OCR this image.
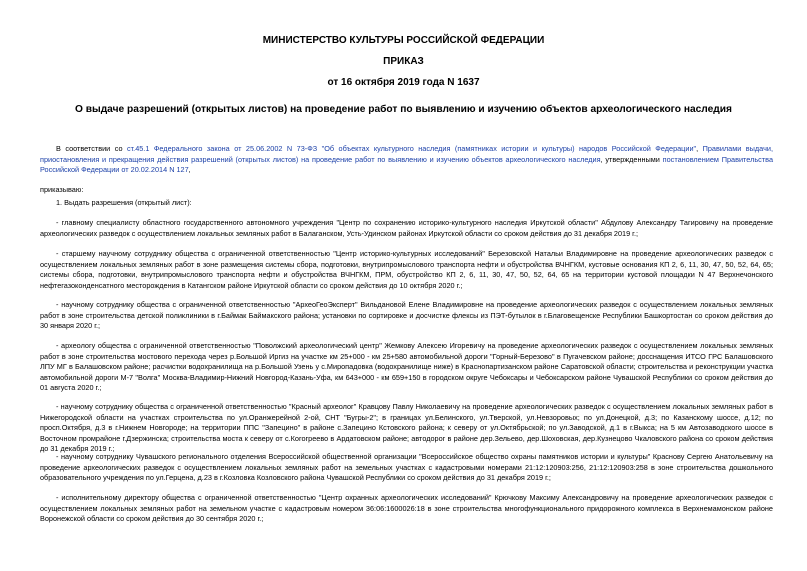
МИНИСТЕРСТВО КУЛЬТУРЫ РОССИЙСКОЙ ФЕДЕРАЦИИ
ПРИКАЗ
от 16 октября 2019 года N 1637
О выдаче разрешений (открытых листов) на проведение работ по выявлению и изучению объектов археологического наследия

В соответствии со ст.45.1 Федерального закона от 25.06.2002 N 73-ФЗ "Об объектах культурного наследия (памятниках истории и культуры) народов Российской Федерации", Правилами выдачи, приостановления и прекращения действия разрешений (открытых листов) на проведение работ по выявлению и изучению объектов археологического наследия, утвержденными постановлением Правительства Российской Федерации от 20.02.2014 N 127,

приказываю:

1. Выдать разрешения (открытый лист):

- главному специалисту областного государственного автономного учреждения "Центр по сохранению историко-культурного наследия Иркутской области" Абдулову Александру Тагировичу на проведение археологических разведок с осуществлением локальных земляных работ в Балаганском, Усть-Удинском районах Иркутской области со сроком действия до 31 декабря 2019 г.;

- старшему научному сотруднику общества с ограниченной ответственностью "Центр историко-культурных исследований" Березовской Натальи Владимировне на проведение археологических разведок с осуществлением локальных земляных работ в зоне размещения системы сбора, подготовки, внутрипромыслового транспорта нефти и обустройства ВЧНГКМ, кустовые основания КП 2, 6, 11, 30, 47, 50, 52, 64, 65; системы сбора, подготовки, внутрипромыслового транспорта нефти и обустройства ВЧНГКМ, ПРМ, обустройство КП 2, 6, 11, 30, 47, 50, 52, 64, 65 на территории кустовой площадки N 47 Верхнечонского нефтегазоконденсатного месторождения в Катангском районе Иркутской области со сроком действия до 10 октября 2020 г.;

- научному сотруднику общества с ограниченной ответственностью "АрхеоГеоЭксперт" Вильдановой Елене Владимировне на проведение археологических разведок с осуществлением локальных земляных работ в зоне строительства детской поликлиники в г.Баймак Баймакского района; установки по сортировке и досчистке флексы из ПЭТ-бутылок в г.Благовещенске Республики Башкортостан со сроком действия до 30 января 2020 г.;

- археологу общества с ограниченной ответственностью "Поволжский археологический центр" Жемкову Алексею Игоревичу на проведение археологических разведок с осуществлением локальных земляных работ в зоне строительства мостового перехода через р.Большой Иргиз на участке км 25+000 - км 25+580 автомобильной дороги "Горный-Березово" в Пугачевском районе; досснащения ИТСО ГРС Балашовского ЛПУ МГ в Балашовском районе; расчистки водохранилища на р.Большой Узень у с.Миропадовка (водохранилище ниже) в Краснопартизанском районе Саратовской области; строительства и реконструкции участка автомобильной дороги М-7 "Волга" Москва-Владимир-Нижний Новгород-Казань-Уфа, км 643+000 - км 659+150 в городском округе Чебоксары и Чебоксарском районе Чувашской Республики со сроком действия до 01 августа 2020 г.;

- научному сотруднику общества с ограниченной ответственностью "Красный археолог" Кравцову Павлу Николаевичу на проведение археологических разведок с осуществлением локальных земляных работ в Нижегородской области на участках строительства по ул.Оранжерейной 2-ой, СНТ "Бугры-2"; в границах ул.Белинского, ул.Тверской, ул.Невзоровых; по ул.Донецкой, д.3; по Казанскому шоссе, д.12; по просп.Октября, д.3 в г.Нижнем Новгороде; на территории ППС "Запецино" в районе с.Запецино Кстовского района; к северу от ул.Октябрьской; по ул.Заводской, д.1 в г.Выкса; на 5 км Автозаводского шоссе в Восточном промрайоне г.Дзержинска; строительства моста к северу от с.Когогреево в Ардатовском районе; автодорог в районе дер.Зельево, дер.Шоховская, дер.Кузнецово Чкаловского района со сроком действия до 31 декабря 2019 г.;

- научному сотруднику Чувашского регионального отделения Всероссийской общественной организации "Всероссийское общество охраны памятников истории и культуры" Краснову Сергею Анатольевичу на проведение археологических разведок с осуществлением локальных земляных работ на земельных участках с кадастровыми номерами 21:12:120903:256, 21:12:120903:258 в зоне строительства дошкольного образовательного учреждения по ул.Герцена, д.23 в г.Козловка Козловского района Чувашской Республики со сроком действия до 31 декабря 2019 г.;

- исполнительному директору общества с ограниченной ответственностью "Центр охранных археологических исследований" Крючкову Максиму Александровичу на проведение археологических разведок с осуществлением локальных земляных работ на земельном участке с кадастровым номером 36:06:1600026:18 в зоне строительства многофункционального придорожного комплекса в Верхнемамонском районе Воронежской области со сроком действия до 30 сентября 2020 г.;
